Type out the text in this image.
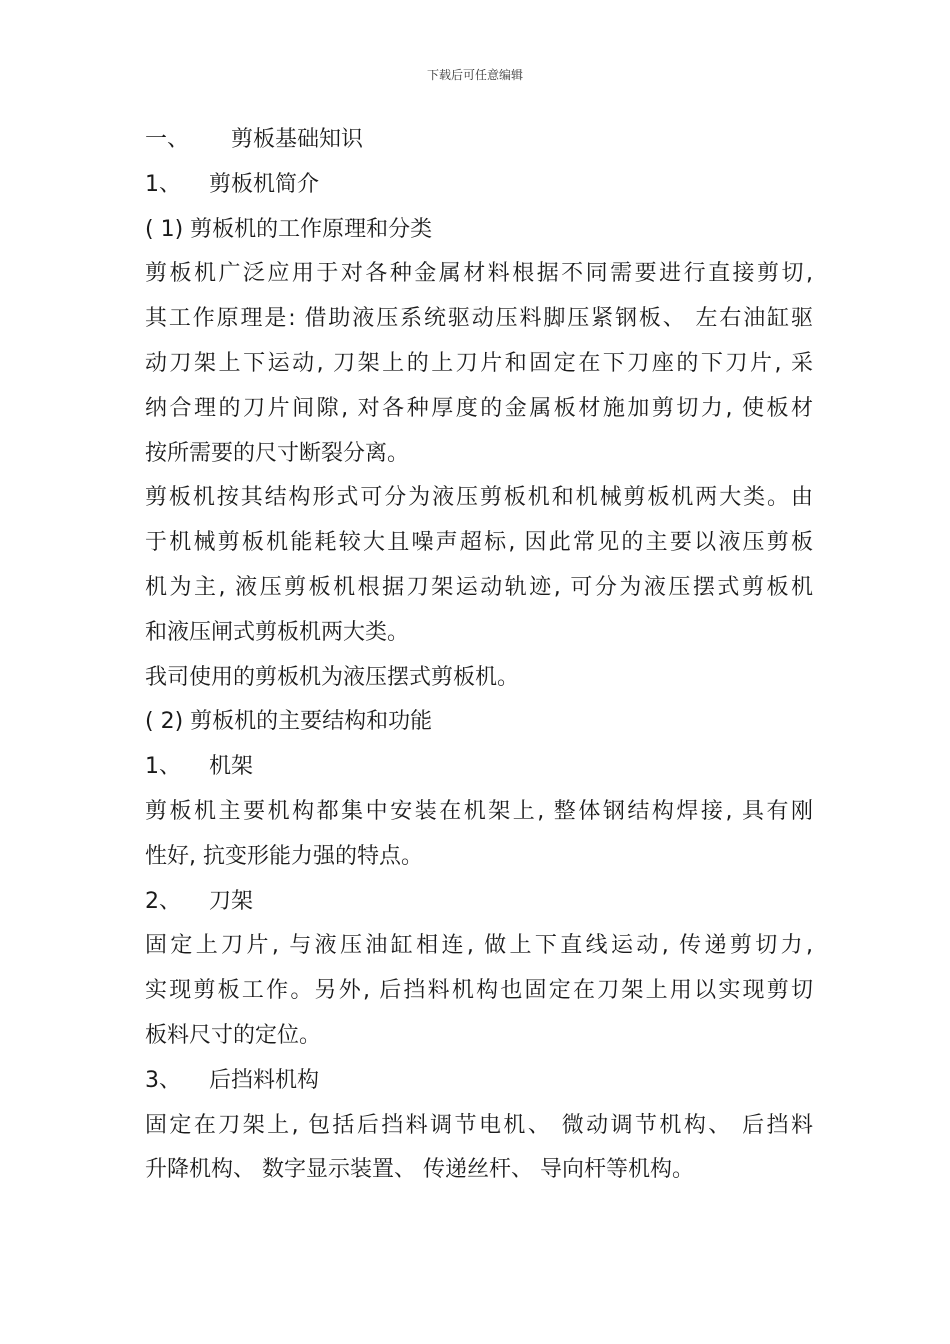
下载后可任意编辑
一、 剪板基础知识
1、 剪板机简介
( 1) 剪板机的工作原理和分类
剪板机广泛应用于对各种金属材料根据不同需要进行直接剪切,
其工作原理是: 借助液压系统驱动压料脚压紧钢板、 左右油缸驱
动刀架上下运动, 刀架上的上刀片和固定在下刀座的下刀片, 采
纳合理的刀片间隙, 对各种厚度的金属板材施加剪切力, 使板材
按所需要的尺寸断裂分离。
剪板机按其结构形式可分为液压剪板机和机械剪板机两大类。由
于机械剪板机能耗较大且噪声超标, 因此常见的主要以液压剪板
机为主, 液压剪板机根据刀架运动轨迹, 可分为液压摆式剪板机
和液压闸式剪板机两大类。
我司使用的剪板机为液压摆式剪板机。
( 2) 剪板机的主要结构和功能
1、 机架
剪板机主要机构都集中安装在机架上, 整体钢结构焊接, 具有刚
性好, 抗变形能力强的特点。
2、 刀架
固定上刀片, 与液压油缸相连, 做上下直线运动, 传递剪切力,
实现剪板工作。另外, 后挡料机构也固定在刀架上用以实现剪切
板料尺寸的定位。
3、 后挡料机构
固定在刀架上, 包括后挡料调节电机、 微动调节机构、 后挡料
升降机构、 数字显示装置、 传递丝杆、 导向杆等机构。
